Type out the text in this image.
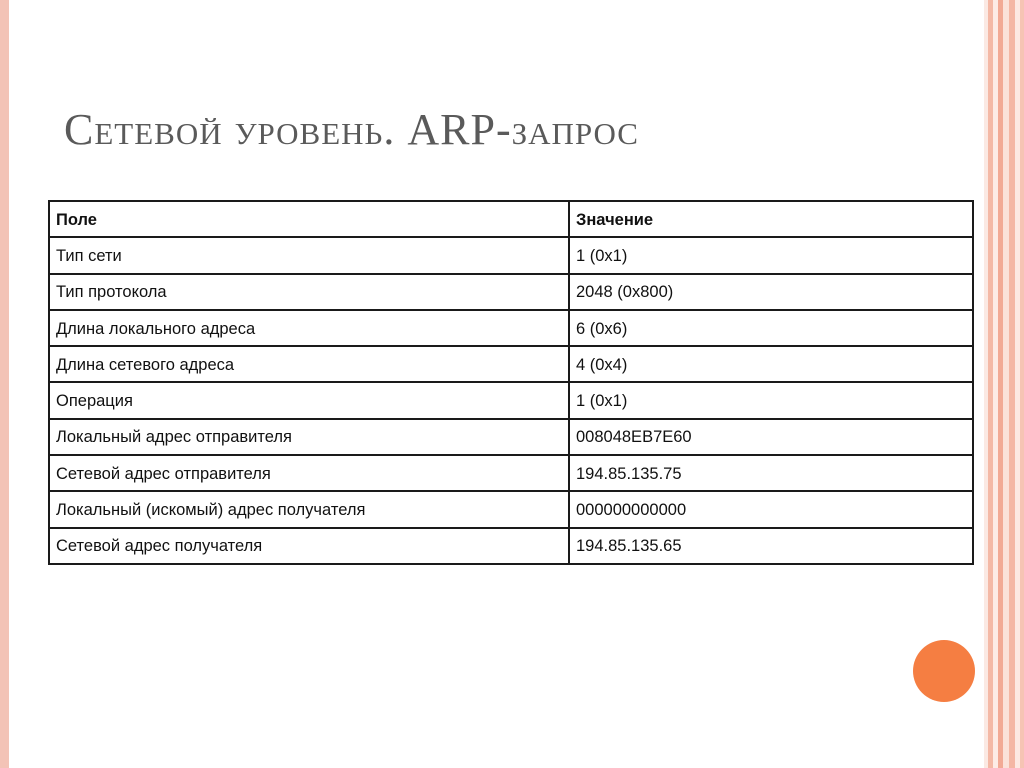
Сетевой уровень. ARP-запрос
Поле	Значение
Тип сети	1 (0x1)
Тип протокола	2048 (0x800)
Длина локального адреса	6 (0x6)
Длина сетевого адреса	4 (0x4)
Операция	1 (0x1)
Локальный адрес отправителя	008048EB7E60
Сетевой адрес отправителя	194.85.135.75
Локальный (искомый) адрес получателя	000000000000
Сетевой адрес получателя	194.85.135.65
